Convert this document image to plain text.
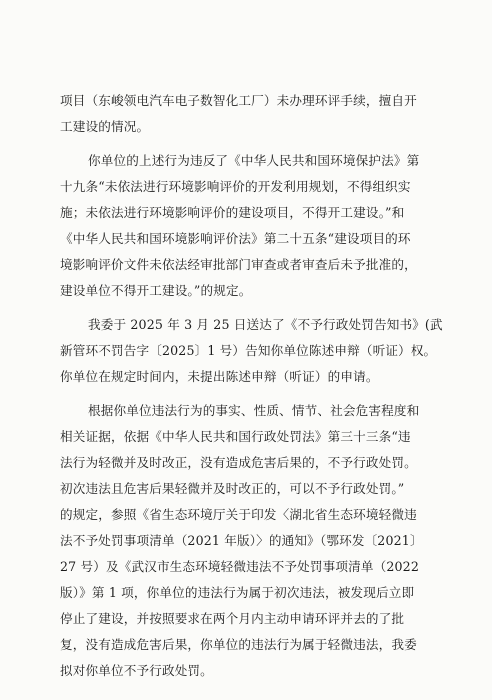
项目（东峻领电汽车电子数智化工厂）未办理环评手续，擅自开
工建设的情况。
你单位的上述行为违反了《中华人民共和国环境保护法》第
十九条“未依法进行环境影响评价的开发利用规划，不得组织实
施；未依法进行环境影响评价的建设项目，不得开工建设。”和
《中华人民共和国环境影响评价法》第二十五条“建设项目的环
境影响评价文件未依法经审批部门审查或者审查后未予批准的，
建设单位不得开工建设。”的规定。
我委于 2025 年 3 月 25 日送达了《不予行政处罚告知书》(武
新管环不罚告字〔2025〕1 号）告知你单位陈述申辩（听证）权。
你单位在规定时间内，未提出陈述申辩（听证）的申请。
根据你单位违法行为的事实、性质、情节、社会危害程度和
相关证据，依据《中华人民共和国行政处罚法》第三十三条“违
法行为轻微并及时改正，没有造成危害后果的，不予行政处罚。
初次违法且危害后果轻微并及时改正的，可以不予行政处罚。”
的规定，参照《省生态环境厅关于印发〈湖北省生态环境轻微违
法不予处罚事项清单（2021 年版）〉的通知》（鄂环发〔2021〕
27 号）及《武汉市生态环境轻微违法不予处罚事项清单（2022
版）》第 1 项，你单位的违法行为属于初次违法，被发现后立即
停止了建设，并按照要求在两个月内主动申请环评并去的了批
复，没有造成危害后果，你单位的违法行为属于轻微违法，我委
拟对你单位不予行政处罚。
